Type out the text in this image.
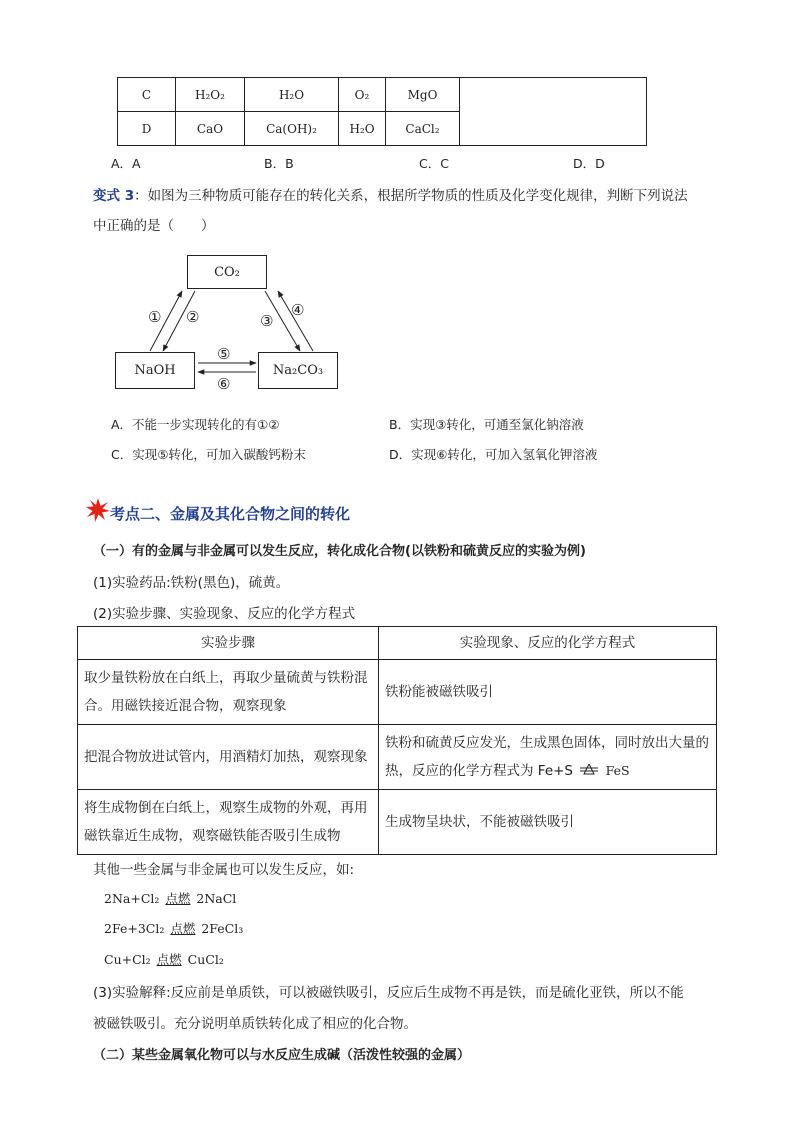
C	H₂O₂	H₂O	O₂	MgO	
D	CaO	Ca(OH)₂	H₂O	CaCl₂	
A．A	B．B	C．C	D．D
变式 3：如图为三种物质可能存在的转化关系，根据所学物质的性质及化学变化规律，判断下列说法
中正确的是（　　）
CO₂
NaOH	Na₂CO₃
① ②	③
④
⑤
⑥
A．不能一步实现转化的有①②	B．实现③转化，可通至氯化钠溶液
C．实现⑤转化，可加入碳酸钙粉末	D．实现⑥转化，可加入氢氧化钾溶液
考点二、金属及其化合物之间的转化
（一）有的金属与非金属可以发生反应，转化成化合物(以铁粉和硫黄反应的实验为例)
(1)实验药品:铁粉(黑色)，硫黄。
(2)实验步骤、实验现象、反应的化学方程式
实验步骤	实验现象、反应的化学方程式
取少量铁粉放在白纸上，再取少量硫黄与铁粉混合。用磁铁接近混合物，观察现象	铁粉能被磁铁吸引
把混合物放进试管内，用酒精灯加热，观察现象	铁粉和硫黄反应发光，生成黑色固体，同时放出大量的热，反应的化学方程式为 Fe+S FeS
将生成物倒在白纸上，观察生成物的外观，再用磁铁靠近生成物，观察磁铁能否吸引生成物	生成物呈块状，不能被磁铁吸引
其他一些金属与非金属也可以发生反应，如:
2Na+Cl₂ 点燃 2NaCl
2Fe+3Cl₂ 点燃 2FeCl₃
Cu+Cl₂ 点燃 CuCl₂
(3)实验解释:反应前是单质铁，可以被磁铁吸引，反应后生成物不再是铁，而是硫化亚铁，所以不能
被磁铁吸引。充分说明单质铁转化成了相应的化合物。
（二）某些金属氧化物可以与水反应生成碱（活泼性较强的金属）
